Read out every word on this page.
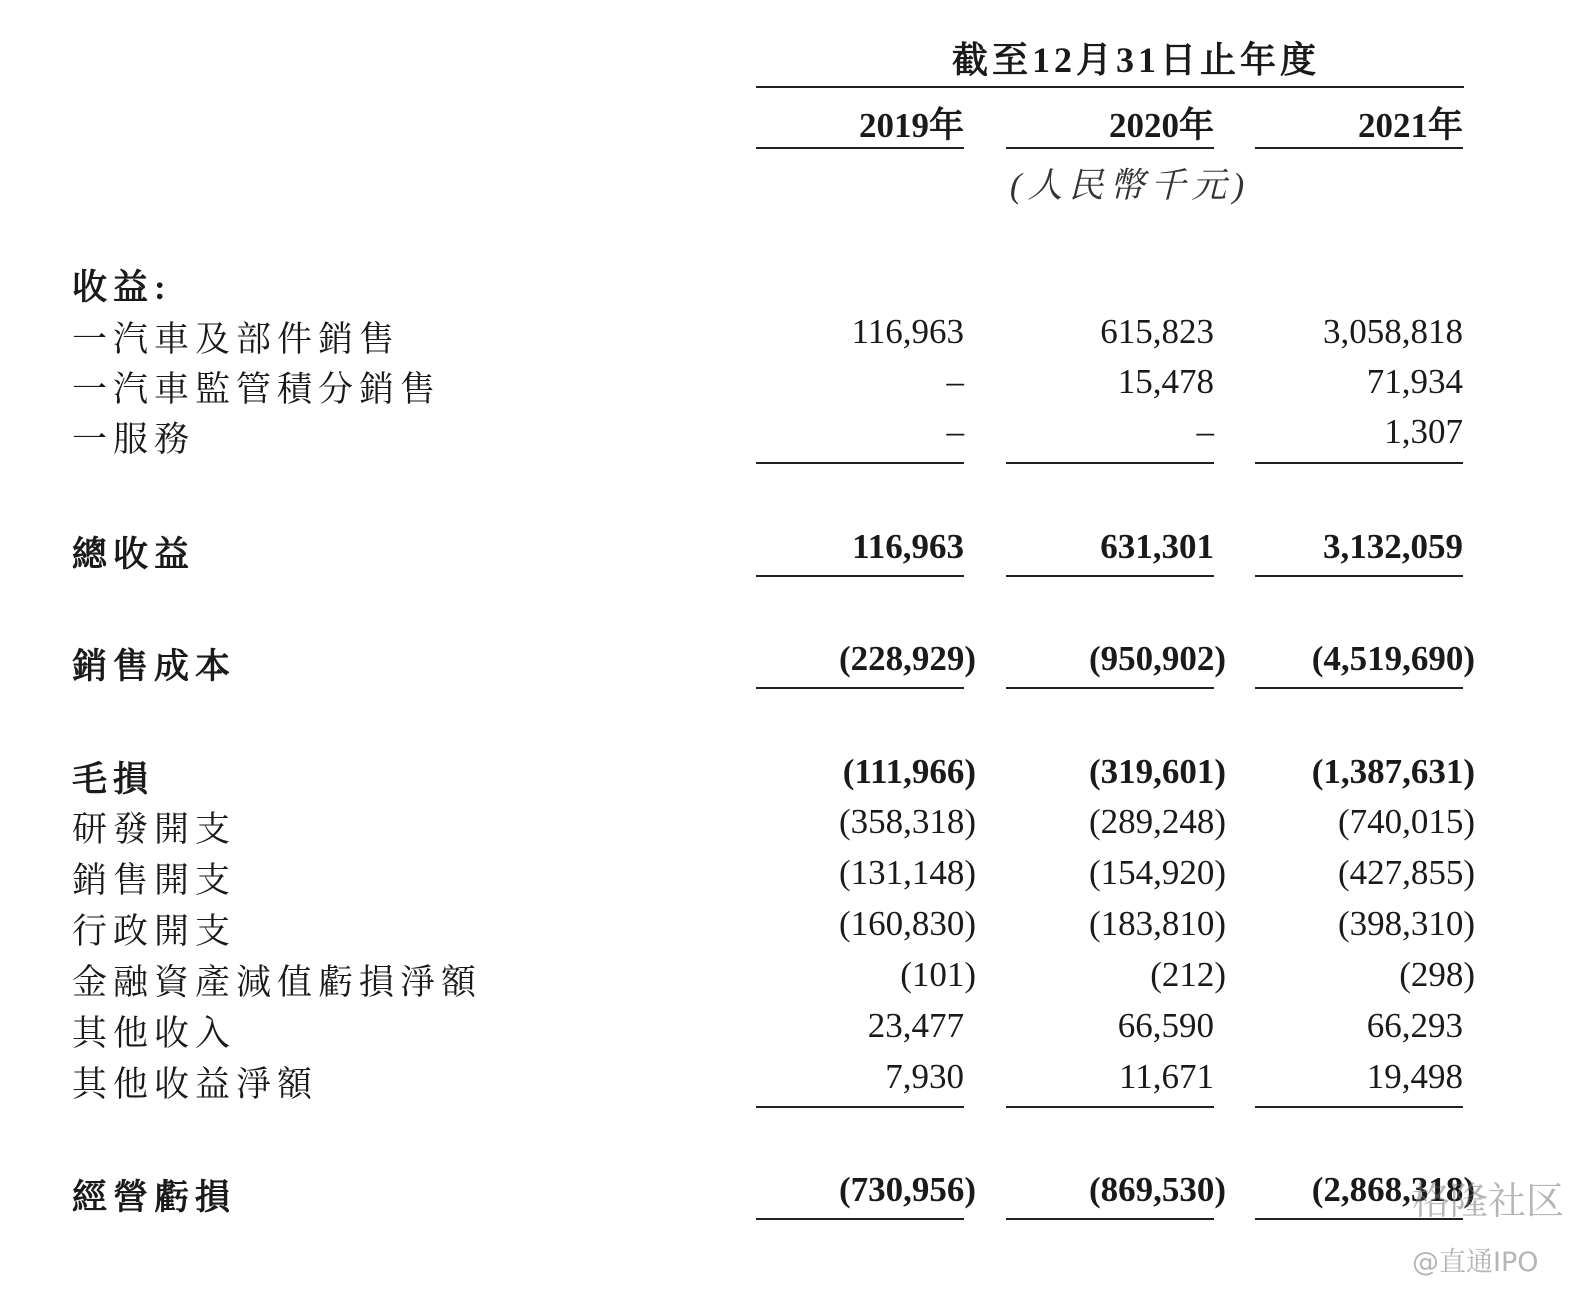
截至12月31日止年度
2019年	2020年	2021年
(人民幣千元)
收益:
一汽車及部件銷售	116,963	615,823	3,058,818
一汽車監管積分銷售	–	15,478	71,934
一服務	–	–	1,307
總收益	116,963	631,301	3,132,059
銷售成本	(228,929)	(950,902)	(4,519,690)
毛損	(111,966)	(319,601)	(1,387,631)
研發開支	(358,318)	(289,248)	(740,015)
銷售開支	(131,148)	(154,920)	(427,855)
行政開支	(160,830)	(183,810)	(398,310)
金融資產減值虧損淨額	(101)	(212)	(298)
其他收入	23,477	66,590	66,293
其他收益淨額	7,930	11,671	19,498
經營虧損	(730,956)	(869,530)	(2,868,318)
格隆社区
@直通IPO
